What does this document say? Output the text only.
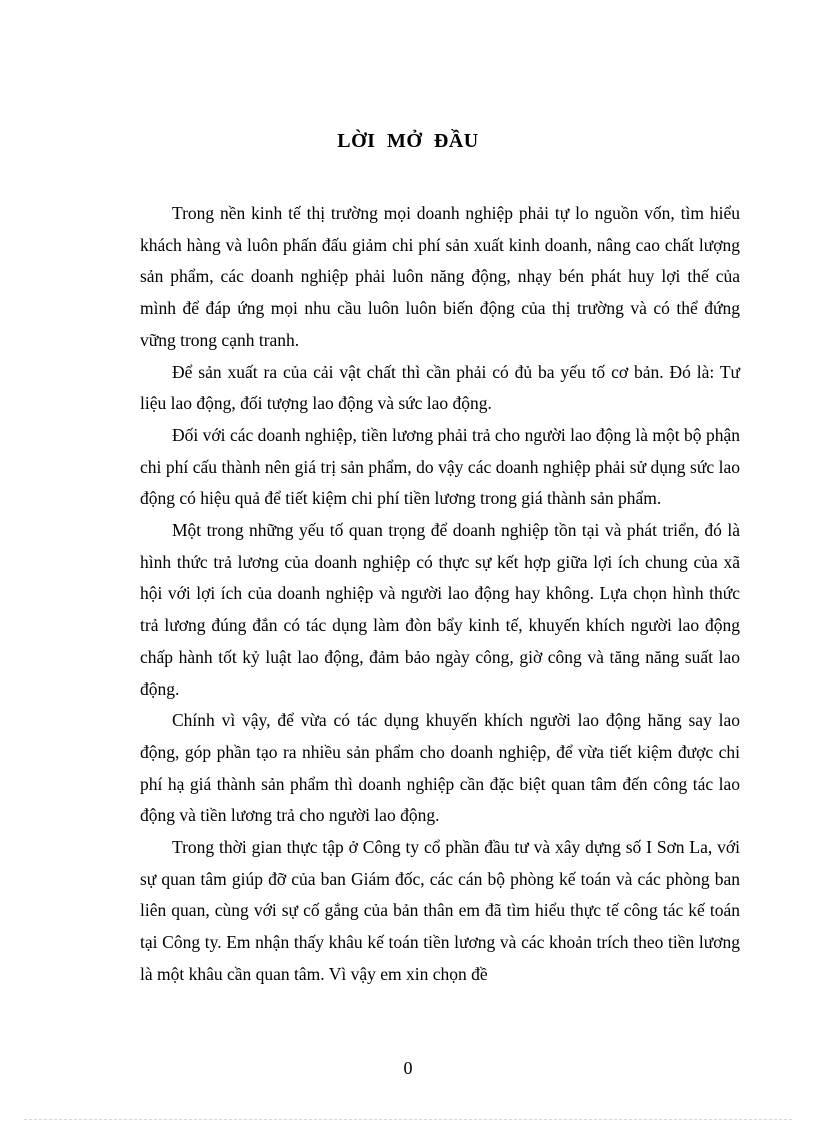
LỜI MỞ ĐẦU

Trong nền kinh tế thị trường mọi doanh nghiệp phải tự lo nguồn vốn, tìm hiểu khách hàng và luôn phấn đấu giảm chi phí sản xuất kinh doanh, nâng cao chất lượng sản phẩm, các doanh nghiệp phải luôn năng động, nhạy bén phát huy lợi thế của mình để đáp ứng mọi nhu cầu luôn luôn biến động của thị trường và có thể đứng vững trong cạnh tranh.

Để sản xuất ra của cải vật chất thì cần phải có đủ ba yếu tố cơ bản. Đó là: Tư liệu lao động, đối tượng lao động và sức lao động.

Đối với các doanh nghiệp, tiền lương phải trả cho người lao động là một bộ phận chi phí cấu thành nên giá trị sản phẩm, do vậy các doanh nghiệp phải sử dụng sức lao động có hiệu quả để tiết kiệm chi phí tiền lương trong giá thành sản phẩm.

Một trong những yếu tố quan trọng để doanh nghiệp tồn tại và phát triển, đó là hình thức trả lương của doanh nghiệp có thực sự kết hợp giữa lợi ích chung của xã hội với lợi ích của doanh nghiệp và người lao động hay không. Lựa chọn hình thức trả lương đúng đắn có tác dụng làm đòn bẩy kinh tế, khuyến khích người lao động chấp hành tốt kỷ luật lao động, đảm bảo ngày công, giờ công và tăng năng suất lao động.

Chính vì vậy, để vừa có tác dụng khuyến khích người lao động hăng say lao động, góp phần tạo ra nhiều sản phẩm cho doanh nghiệp, để vừa tiết kiệm được chi phí hạ giá thành sản phẩm thì doanh nghiệp cần đặc biệt quan tâm đến công tác lao động và tiền lương trả cho người lao động.

Trong thời gian thực tập ở Công ty cổ phần đầu tư và xây dựng số I Sơn La, với sự quan tâm giúp đỡ của ban Giám đốc, các cán bộ phòng kế toán và các phòng ban liên quan, cùng với sự cố gắng của bản thân em đã tìm hiểu thực tế công tác kế toán tại Công ty. Em nhận thấy khâu kế toán tiền lương và các khoản trích theo tiền lương là một khâu cần quan tâm. Vì vậy em xin chọn đề

0
